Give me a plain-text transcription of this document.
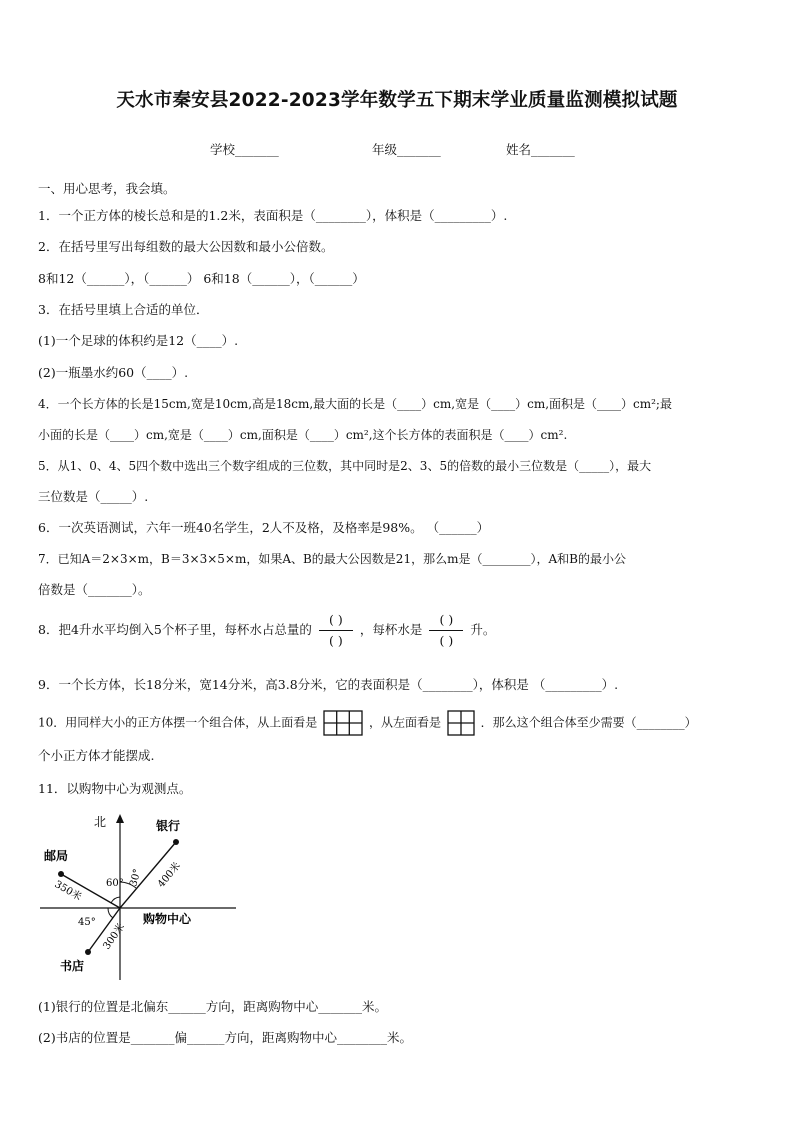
天水市秦安县2022-2023学年数学五下期末学业质量监测模拟试题
学校_______	年级_______	姓名_______
一、用心思考，我会填。
1．一个正方体的棱长总和是的1.2米，表面积是（________），体积是（_________）.
2．在括号里写出每组数的最大公因数和最小公倍数。
8和12（______），（______） 6和18（______），（______）
3．在括号里填上合适的单位．
(1)一个足球的体积约是12（____）.
(2)一瓶墨水约60（____）.
4．一个长方体的长是15cm,宽是10cm,高是18cm,最大面的长是（____）cm,宽是（____）cm,面积是（____）cm²;最
小面的长是（____）cm,宽是（____）cm,面积是（____）cm²,这个长方体的表面积是（____）cm².
5．从1、0、4、5四个数中选出三个数字组成的三位数，其中同时是2、3、5的倍数的最小三位数是（_____），最大
三位数是（_____）.
6．一次英语测试，六年一班40名学生，2人不及格，及格率是98%。 （______）
7．已知A＝2×3×m，B＝3×3×5×m，如果A、B的最大公因数是21，那么m是（________），A和B的最小公
倍数是（_______）。
8．把4升水平均倒入5个杯子里，每杯水占总量的 $\frac{( )}{( )}$ ，每杯水是 $\frac{( )}{( )}$ 升。
9．一个长方体，长18分米，宽14分米，高3.8分米，它的表面积是（________），体积是 （_________）.
10．用同样大小的正方体摆一个组合体，从上面看是	，从左面看是	．那么这个组合体至少需要（________）
个小正方体才能摆成.
11．以购物中心为观测点。
北	银行
邮局
书店
购物中心
60°
45°
30° 400米
350米
300米
(1)银行的位置是北偏东______方向，距离购物中心_______米。
(2)书店的位置是_______偏______方向，距离购物中心________米。
